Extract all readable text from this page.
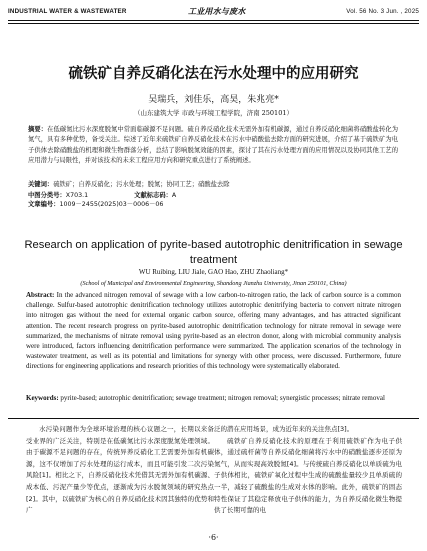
INDUSTRIAL WATER & WASTEWATER	工业用水与废水	Vol. 56 No. 3 Jun. , 2025
硫铁矿自养反硝化法在污水处理中的应用研究
吴瑞兵，刘佳乐，高昊，朱兆亮*
（山东建筑大学 市政与环境工程学院，济南 250101）
摘要：在低碳氮比污水深度脱氮中常面临碳源不足问题。硫自养反硝化技术无需外加有机碳源，通过自养反硝化细菌将硝酸盐转化为氮气，具有多种优势，备受关注。综述了近年来硫铁矿自养反硝化技术在污水中硝酸盐去除方面的研究进展，介绍了基于硫铁矿为电子供体去除硝酸盐的机理和微生物群落分析，总结了影响脱氮效能的因素，探讨了其在污水处理方面的应用情况以及协同其他工艺的应用潜力与局限性，并对该技术的未来工程应用方向和研究重点进行了系统阐述。
关键词：硫铁矿；自养反硝化；污水处理；脱氮；协同工艺；硝酸盐去除
中图分类号：X703.1	文献标志码：A 文章编号：1009－2455(2025)03－0006－06
Research on application of pyrite-based autotrophic denitrification in sewage treatment
WU Ruibing, LIU Jiale, GAO Hao, ZHU Zhaoliang*
(School of Municipal and Environmental Engineering, Shandong Jianzhu University, Jinan 250101, China)
Abstract: In the advanced nitrogen removal of sewage with a low carbon-to-nitrogen ratio, the lack of carbon source is a common challenge. Sulfur-based autotrophic denitrification technology utilizes autotrophic denitrifying bacteria to convert nitrate nitrogen into nitrogen gas without the need for external organic carbon source, offering many advantages, and has attracted significant attention. The recent research progress on pyrite-based autotrophic denitrification technology for nitrate removal in sewage were summarized, the mechanisms of nitrate removal using pyrite-based as an electron donor, along with microbial community analysis were introduced, factors influencing denitrification performance were summarized. The application scenarios of the technology in wastewater treatment, as well as its potential and limitations for synergy with other process, were discussed. Furthermore, future directions for engineering applications and research priorities of this technology were systematically elaborated.
Keywords: pyrite-based; autotrophic denitrification; sewage treatment; nitrogen removal; synergistic processes; nitrate removal

水污染问题作为全球环境治理的核心议题之一，长期以来备受业界的广泛关注，特别是在低碳氮比污水深度脱氮处理领域。由于碳源不足问题的存在，传统异养反硝化工艺需要外加有机碳源，这不仅增加了污水处理的运行成本，而且可能引发二次污染风险[1]。相比之下，自养反硝化技术凭借其无需外加有机碳源、成本低、污泥产量少等优点，逐渐成为污水脱氮领域的研究热点[2]。其中，以硫铁矿为核心的自养反硝化技术因其独特的优势和广

泛的潜在应用场景，成为近年来的关注焦点[3]。

硫铁矿自养反硝化技术的原理在于利用硫铁矿作为电子供体，通过硫杆菌等自养反硝化细菌将污水中的硝酸盐逐步还原为氮气，从而实现高效脱氮[4]。与传统硫自养反硝化以单质硫为电子供体相比，硫铁矿氧化过程中生成的硫酸盐量较少且单质硫的一半，减轻了硫酸盐的生成对水体的影响。此外，硫铁矿的固态特性保证了其稳定释放电子供体的能力，为自养反硝化微生物提供了长期可靠的电

·6·
